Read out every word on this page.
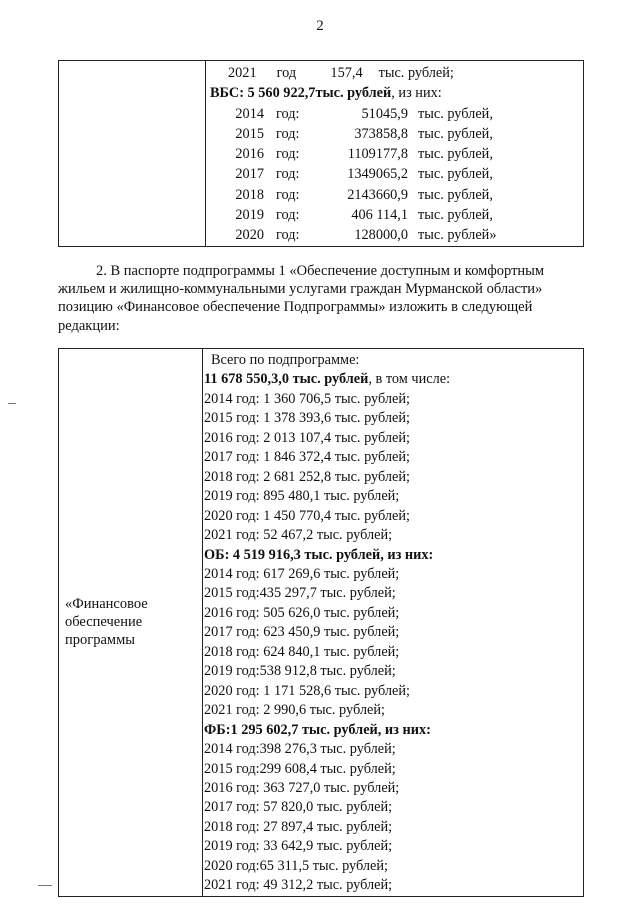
2

2021	год	157,4	тыс. рублей;
ВБС: 5 560 922,7тыс. рублей , из них:
2014 год:	51045,9 тыс. рублей,
2015 год:	373858,8 тыс. рублей,
2016 год:	1109177,8 тыс. рублей,
2017 год:	1349065,2 тыс. рублей,
2018 год:	2143660,9 тыс. рублей,
2019 год:	406 114,1 тыс. рублей,
2020 год:	128000,0 тыс. рублей»
2. В паспорте подпрограммы 1 «Обеспечение доступным и комфортным
жильем и жилищно-коммунальными услугами граждан Мурманской области»
позицию «Финансовое обеспечение Подпрограммы» изложить в следующей
редакции:
«Финансовое
обеспечение
программы

Всего по подпрограмме:
11 678 550,3,0 тыс. рублей, в том числе:
2014 год: 1 360 706,5 тыс. рублей;
2015 год: 1 378 393,6 тыс. рублей;
2016 год: 2 013 107,4 тыс. рублей;
2017 год: 1 846 372,4 тыс. рублей;
2018 год: 2 681 252,8 тыс. рублей;
2019 год: 895 480,1 тыс. рублей;
2020 год: 1 450 770,4 тыс. рублей;
2021 год: 52 467,2 тыс. рублей;
ОБ: 4 519 916,3 тыс. рублей, из них:
2014 год: 617 269,6 тыс. рублей;
2015 год:435 297,7 тыс. рублей;
2016 год: 505 626,0 тыс. рублей;
2017 год: 623 450,9 тыс. рублей;
2018 год: 624 840,1 тыс. рублей;
2019 год:538 912,8 тыс. рублей;
2020 год: 1 171 528,6 тыс. рублей;
2021 год: 2 990,6 тыс. рублей;
ФБ:1 295 602,7 тыс. рублей, из них:
2014 год:398 276,3 тыс. рублей;
2015 год:299 608,4 тыс. рублей;
2016 год: 363 727,0 тыс. рублей;
2017 год: 57 820,0 тыс. рублей;
2018 год: 27 897,4 тыс. рублей;
2019 год: 33 642,9 тыс. рублей;
2020 год:65 311,5 тыс. рублей;
2021 год: 49 312,2 тыс. рублей;
